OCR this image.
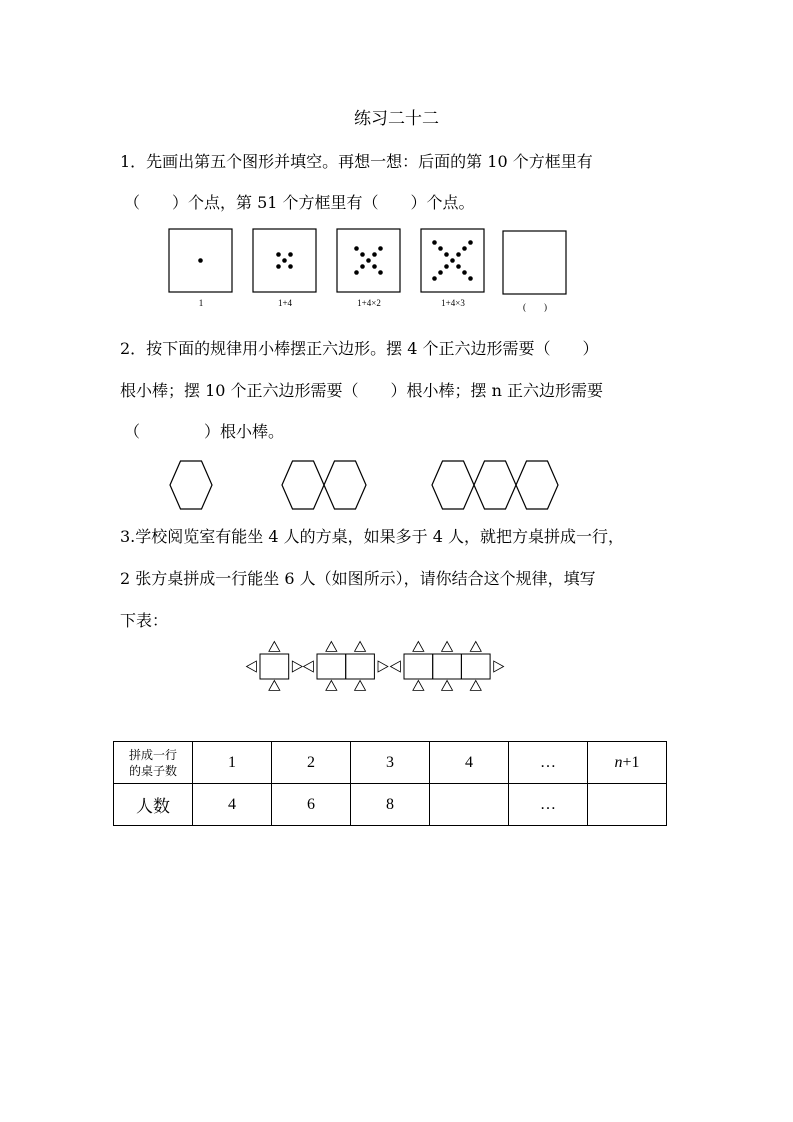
练习二十二
1．先画出第五个图形并填空。再想一想：后面的第 10 个方框里有
（　　）个点，第 51 个方框里有（　　）个点。
1	1+4	1+4×2	1+4×3	(　　)
2．按下面的规律用小棒摆正六边形。摆 4 个正六边形需要（　　）
根小棒；摆 10 个正六边形需要（　　）根小棒；摆 n 正六边形需要
（　　　　）根小棒。
3.学校阅览室有能坐 4 人的方桌，如果多于 4 人，就把方桌拼成一行，
2 张方桌拼成一行能坐 6 人（如图所示），请你结合这个规律，填写
下表：
拼成一行
的桌子数	1	2	3	4	…	n+1
人数	4	6	8		…	
